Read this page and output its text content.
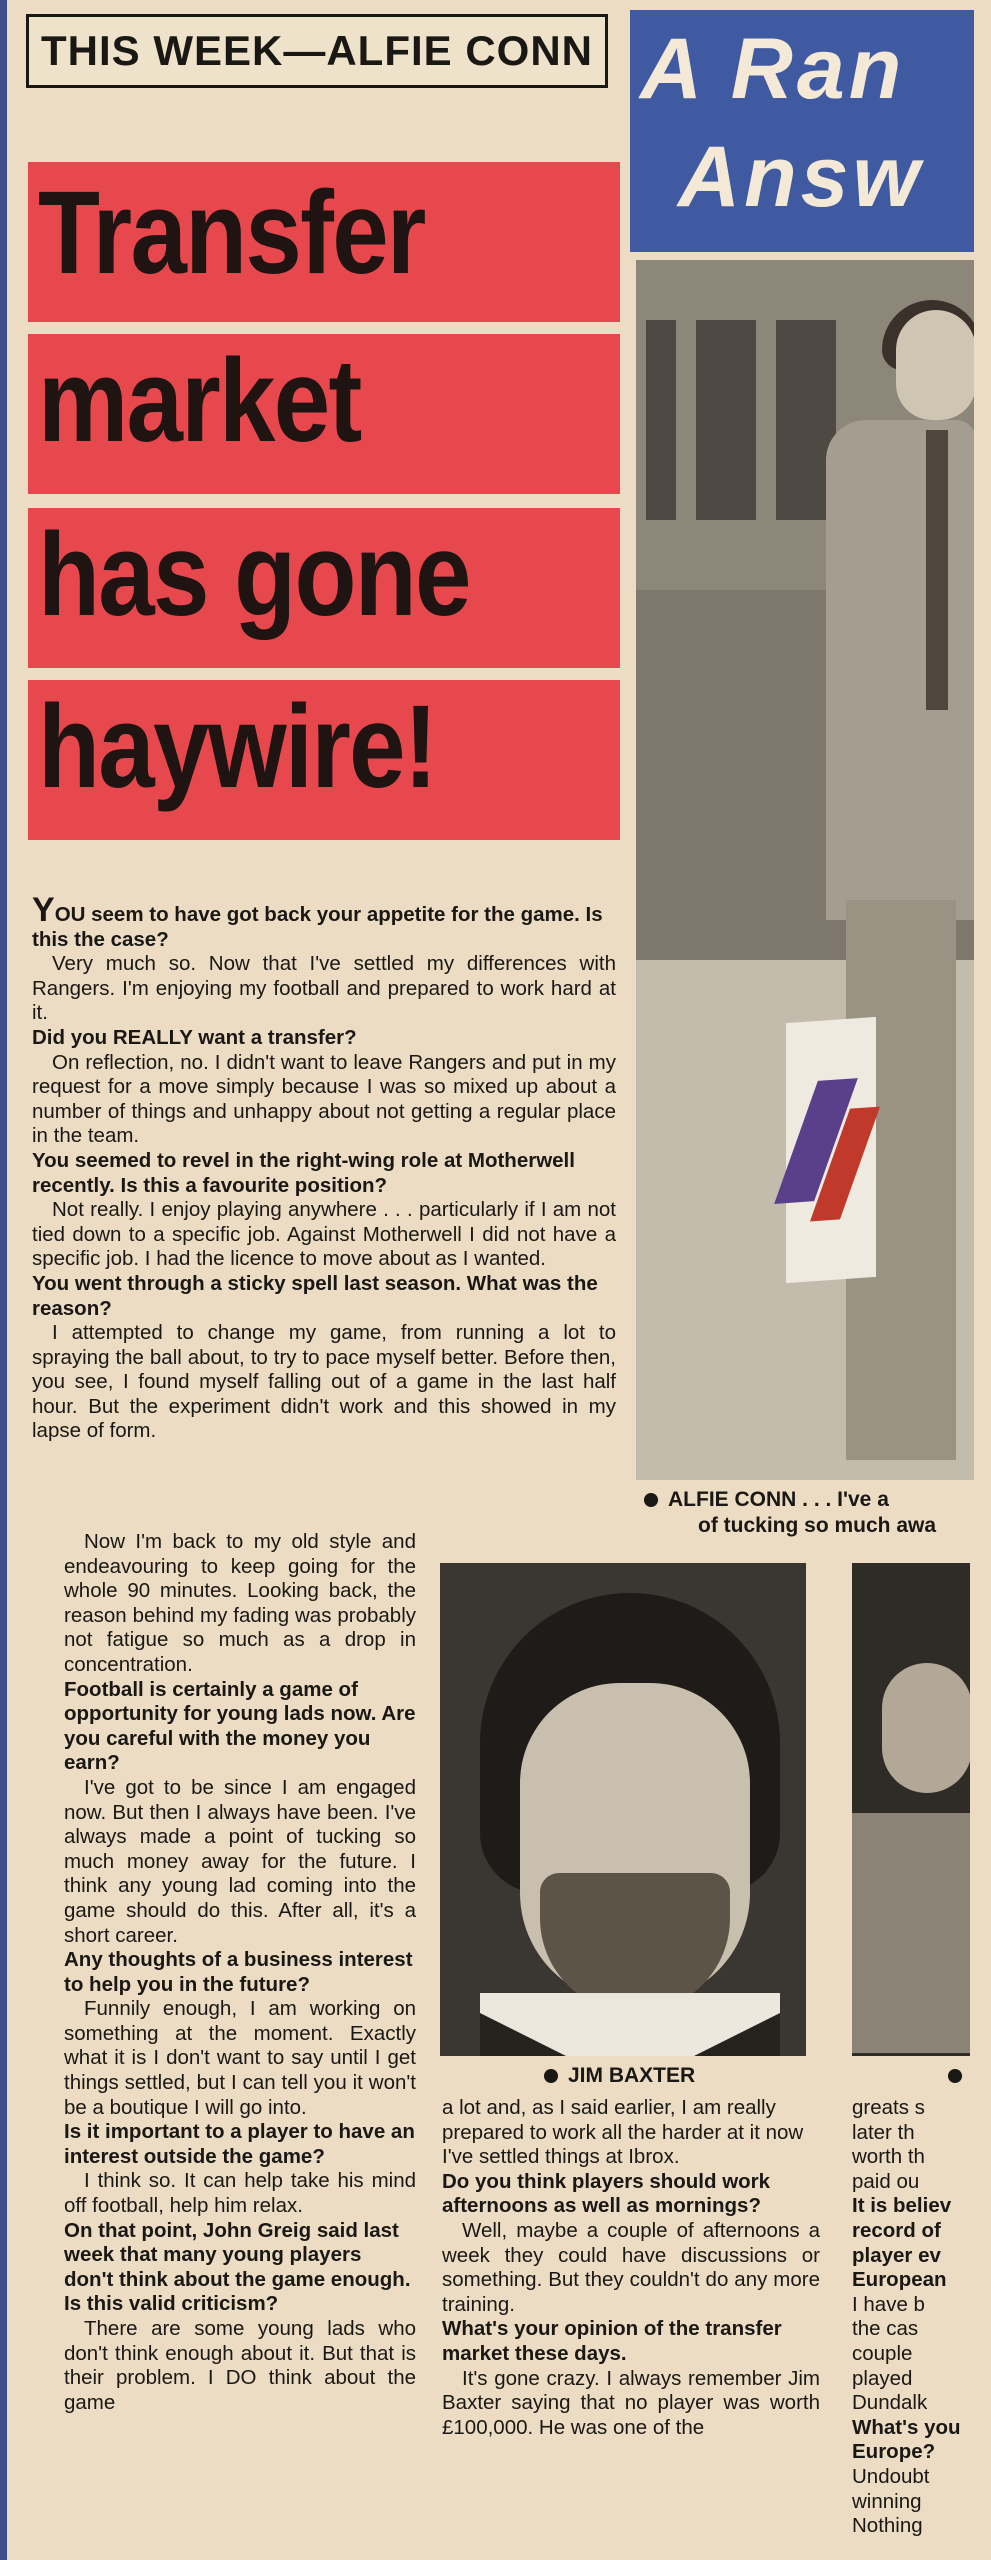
THIS WEEK—ALFIE CONN A Ran
Answ
Transfer
market
has gone
haywire!
ALFIE CONN . . . I've a
of tucking so much awa
JIM BAXTER

YOU seem to have got back your appetite for the game. Is this the case?

Very much so. Now that I've settled my differences with Rangers. I'm enjoying my football and prepared to work hard at it.

Did you REALLY want a transfer?

On reflection, no. I didn't want to leave Rangers and put in my request for a move simply because I was so mixed up about a number of things and unhappy about not getting a regular place in the team.

You seemed to revel in the right-wing role at Motherwell recently. Is this a favourite position?

Not really. I enjoy playing anywhere . . . particularly if I am not tied down to a specific job. Against Motherwell I did not have a specific job. I had the licence to move about as I wanted.

You went through a sticky spell last season. What was the reason?

I attempted to change my game, from running a lot to spraying the ball about, to try to pace myself better. Before then, you see, I found myself falling out of a game in the last half hour. But the experiment didn't work and this showed in my lapse of form.

Now I'm back to my old style and endeavouring to keep going for the whole 90 minutes. Looking back, the reason behind my fading was probably not fatigue so much as a drop in concentration.

Football is certainly a game of opportunity for young lads now. Are you careful with the money you earn?

I've got to be since I am engaged now. But then I always have been. I've always made a point of tucking so much money away for the future. I think any young lad coming into the game should do this. After all, it's a short career.

Any thoughts of a business interest to help you in the future?

Funnily enough, I am working on something at the moment. Exactly what it is I don't want to say until I get things settled, but I can tell you it won't be a boutique I will go into.

Is it important to a player to have an interest outside the game?

I think so. It can help take his mind off football, help him relax.

On that point, John Greig said last week that many young players don't think about the game enough. Is this valid criticism?

There are some young lads who don't think enough about it. But that is their problem. I DO think about the game

a lot and, as I said earlier, I am really prepared to work all the harder at it now I've settled things at Ibrox.

Do you think players should work afternoons as well as mornings?

Well, maybe a couple of afternoons a week they could have discussions or something. But they couldn't do any more training.

What's your opinion of the transfer market these days.

It's gone crazy. I always remember Jim Baxter saying that no player was worth £100,000. He was one of the

greats s

later th

worth th

paid ou

It is believ

record of

player ev

European

I have b

the cas

couple

played

Dundalk

What's you

Europe?

Undoubt

winning

Nothing
